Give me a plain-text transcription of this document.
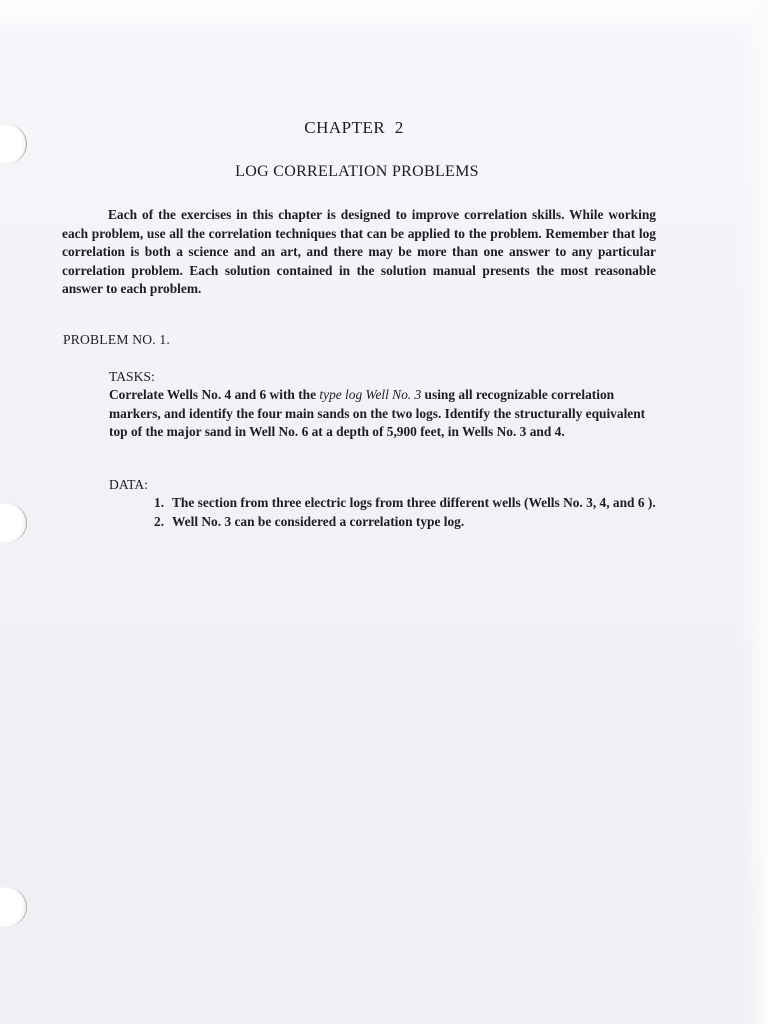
CHAPTER  2
LOG CORRELATION PROBLEMS

Each of the exercises in this chapter is designed to improve correlation skills. While working each problem, use all the correlation techniques that can be applied to the problem. Remember that log correlation is both a science and an art, and there may be more than one answer to any particular correlation problem. Each solution contained in the solution manual presents the most reasonable answer to each problem.

PROBLEM NO. 1.
TASKS:

Correlate Wells No. 4 and 6 with the type log Well No. 3 using all recognizable correlation markers, and identify the four main sands on the two logs. Identify the structurally equivalent top of the major sand in Well No. 6 at a depth of 5,900 feet, in Wells No. 3 and 4.

DATA:
1. The section from three electric logs from three different wells (Wells No. 3, 4, and 6 ).
2. Well No. 3 can be considered a correlation type log.
